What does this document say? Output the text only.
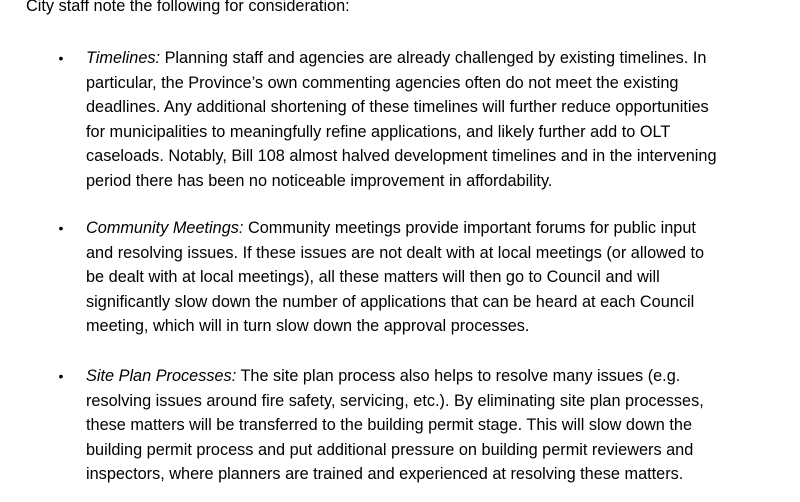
City staff note the following for consideration:

• Timelines: Planning staff and agencies are already challenged by existing timelines. In
particular, the Province’s own commenting agencies often do not meet the existing
deadlines. Any additional shortening of these timelines will further reduce opportunities
for municipalities to meaningfully refine applications, and likely further add to OLT
caseloads. Notably, Bill 108 almost halved development timelines and in the intervening
period there has been no noticeable improvement in affordability.

• Community Meetings: Community meetings provide important forums for public input
and resolving issues. If these issues are not dealt with at local meetings (or allowed to
be dealt with at local meetings), all these matters will then go to Council and will
significantly slow down the number of applications that can be heard at each Council
meeting, which will in turn slow down the approval processes.

• Site Plan Processes: The site plan process also helps to resolve many issues (e.g.
resolving issues around fire safety, servicing, etc.). By eliminating site plan processes,
these matters will be transferred to the building permit stage. This will slow down the
building permit process and put additional pressure on building permit reviewers and
inspectors, where planners are trained and experienced at resolving these matters.
